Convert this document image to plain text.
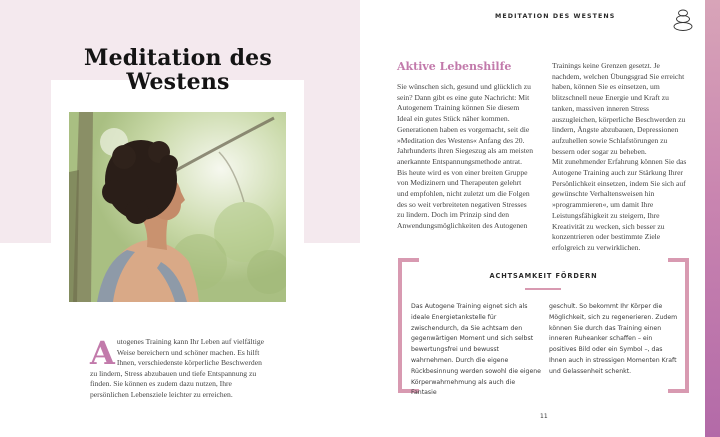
Meditation des
Westens
A utogenes Training kann Ihr Leben auf vielfältige Weise bereichern und schöner machen. Es hilft Ihnen, verschiedenste körperliche Beschwerden zu lindern, Stress abzubauen und tiefe Entspannung zu finden. Sie können es zudem dazu nutzen, Ihre persönlichen Lebensziele leichter zu erreichen.
MEDITATION DES WESTENS
Aktive Lebenshilfe

Sie wünschen sich, gesund und glücklich zu sein? Dann gibt es eine gute Nachricht: Mit Autogenem Training können Sie diesem Ideal ein gutes Stück näher kommen. Generationen haben es vorgemacht, seit die »Meditation des Westens« Anfang des 20. Jahrhunderts ihren Siegeszug als am meisten anerkannte Entspannungsmethode antrat.

Bis heute wird es von einer breiten Gruppe von Medizinern und Therapeuten gelehrt und empfohlen, nicht zuletzt um die Folgen des so weit verbreiteten negativen Stresses zu lindern. Doch im Prinzip sind den Anwendungsmöglichkeiten des Autogenen

Trainings keine Grenzen gesetzt. Je nachdem, welchen Übungsgrad Sie erreicht haben, können Sie es einsetzen, um blitzschnell neue Energie und Kraft zu tanken, massiven inneren Stress auszugleichen, körperliche Beschwerden zu lindern, Ängste abzubauen, Depressionen aufzuhellen sowie Schlafstörungen zu bessern oder sogar zu beheben.

Mit zunehmender Erfahrung können Sie das Autogene Training auch zur Stärkung Ihrer Persönlichkeit einsetzen, indem Sie sich auf gewünschte Verhaltensweisen hin »programmieren«, um damit Ihre Leistungsfähigkeit zu steigern, Ihre Kreativität zu wecken, sich besser zu konzentrieren oder bestimmte Ziele erfolgreich zu verwirklichen.

ACHTSAMKEIT FÖRDERN
Das Autogene Training eignet sich als ideale Energietankstelle für zwischendurch, da Sie achtsam den gegenwärtigen Moment und sich selbst bewertungsfrei und bewusst wahrnehmen. Durch die eigene Rückbesinnung werden sowohl die eigene Körperwahrnehmung als auch die Fantasie
geschult. So bekommt Ihr Körper die Möglichkeit, sich zu regenerieren. Zudem können Sie durch das Training einen inneren Ruheanker schaffen – ein positives Bild oder ein Symbol –, das Ihnen auch in stressigen Momenten Kraft und Gelassenheit schenkt.
11
